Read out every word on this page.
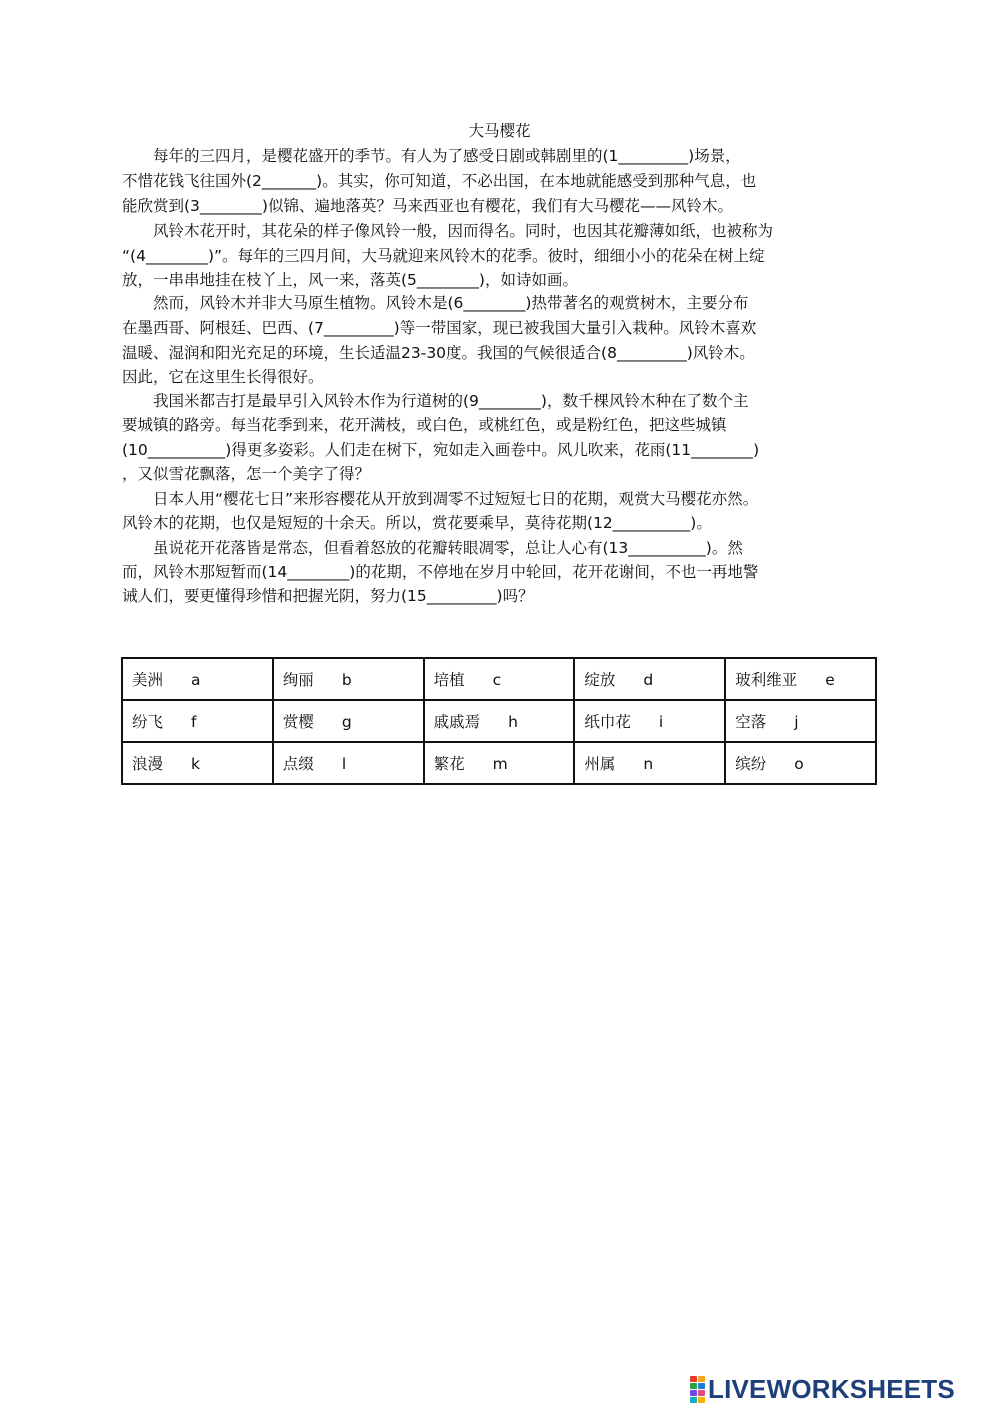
大马樱花
　　每年的三四月，是樱花盛开的季节。有人为了感受日剧或韩剧里的(1_________)场景，
不惜花钱飞往国外(2_______)。其实，你可知道，不必出国，在本地就能感受到那种气息，也
能欣赏到(3________)似锦、遍地落英？马来西亚也有樱花，我们有大马樱花——风铃木。
　　风铃木花开时，其花朵的样子像风铃一般，因而得名。同时，也因其花瓣薄如纸，也被称为
“(4________)”。每年的三四月间，大马就迎来风铃木的花季。彼时，细细小小的花朵在树上绽
放，一串串地挂在枝丫上，风一来，落英(5________)，如诗如画。
　　然而，风铃木并非大马原生植物。风铃木是(6________)热带著名的观赏树木，主要分布
在墨西哥、阿根廷、巴西、(7_________)等一带国家，现已被我国大量引入栽种。风铃木喜欢
温暖、湿润和阳光充足的环境，生长适温23-30度。我国的气候很适合(8_________)风铃木。
因此，它在这里生长得很好。
　　我国米都吉打是最早引入风铃木作为行道树的(9________)，数千棵风铃木种在了数个主
要城镇的路旁。每当花季到来，花开满枝，或白色，或桃红色，或是粉红色，把这些城镇
(10__________)得更多姿彩。人们走在树下，宛如走入画卷中。风儿吹来，花雨(11________)
，又似雪花飘落，怎一个美字了得？
　　日本人用“樱花七日”来形容樱花从开放到凋零不过短短七日的花期，观赏大马樱花亦然。
风铃木的花期，也仅是短短的十余天。所以，赏花要乘早，莫待花期(12__________)。
　　虽说花开花落皆是常态，但看着怒放的花瓣转眼凋零，总让人心有(13__________)。然
而，风铃木那短暂而(14________)的花期，不停地在岁月中轮回，花开花谢间，不也一再地警
诫人们，要更懂得珍惜和把握光阴，努力(15_________)吗？
美洲 a	绚丽 b	培植 c	绽放 d	玻利维亚 e
纷飞 f	赏樱 g	戚戚焉 h	纸巾花 i	空落 j
浪漫 k	点缀 l	繁花 m	州属 n	缤纷 o
LIVEWORKSHEETS
